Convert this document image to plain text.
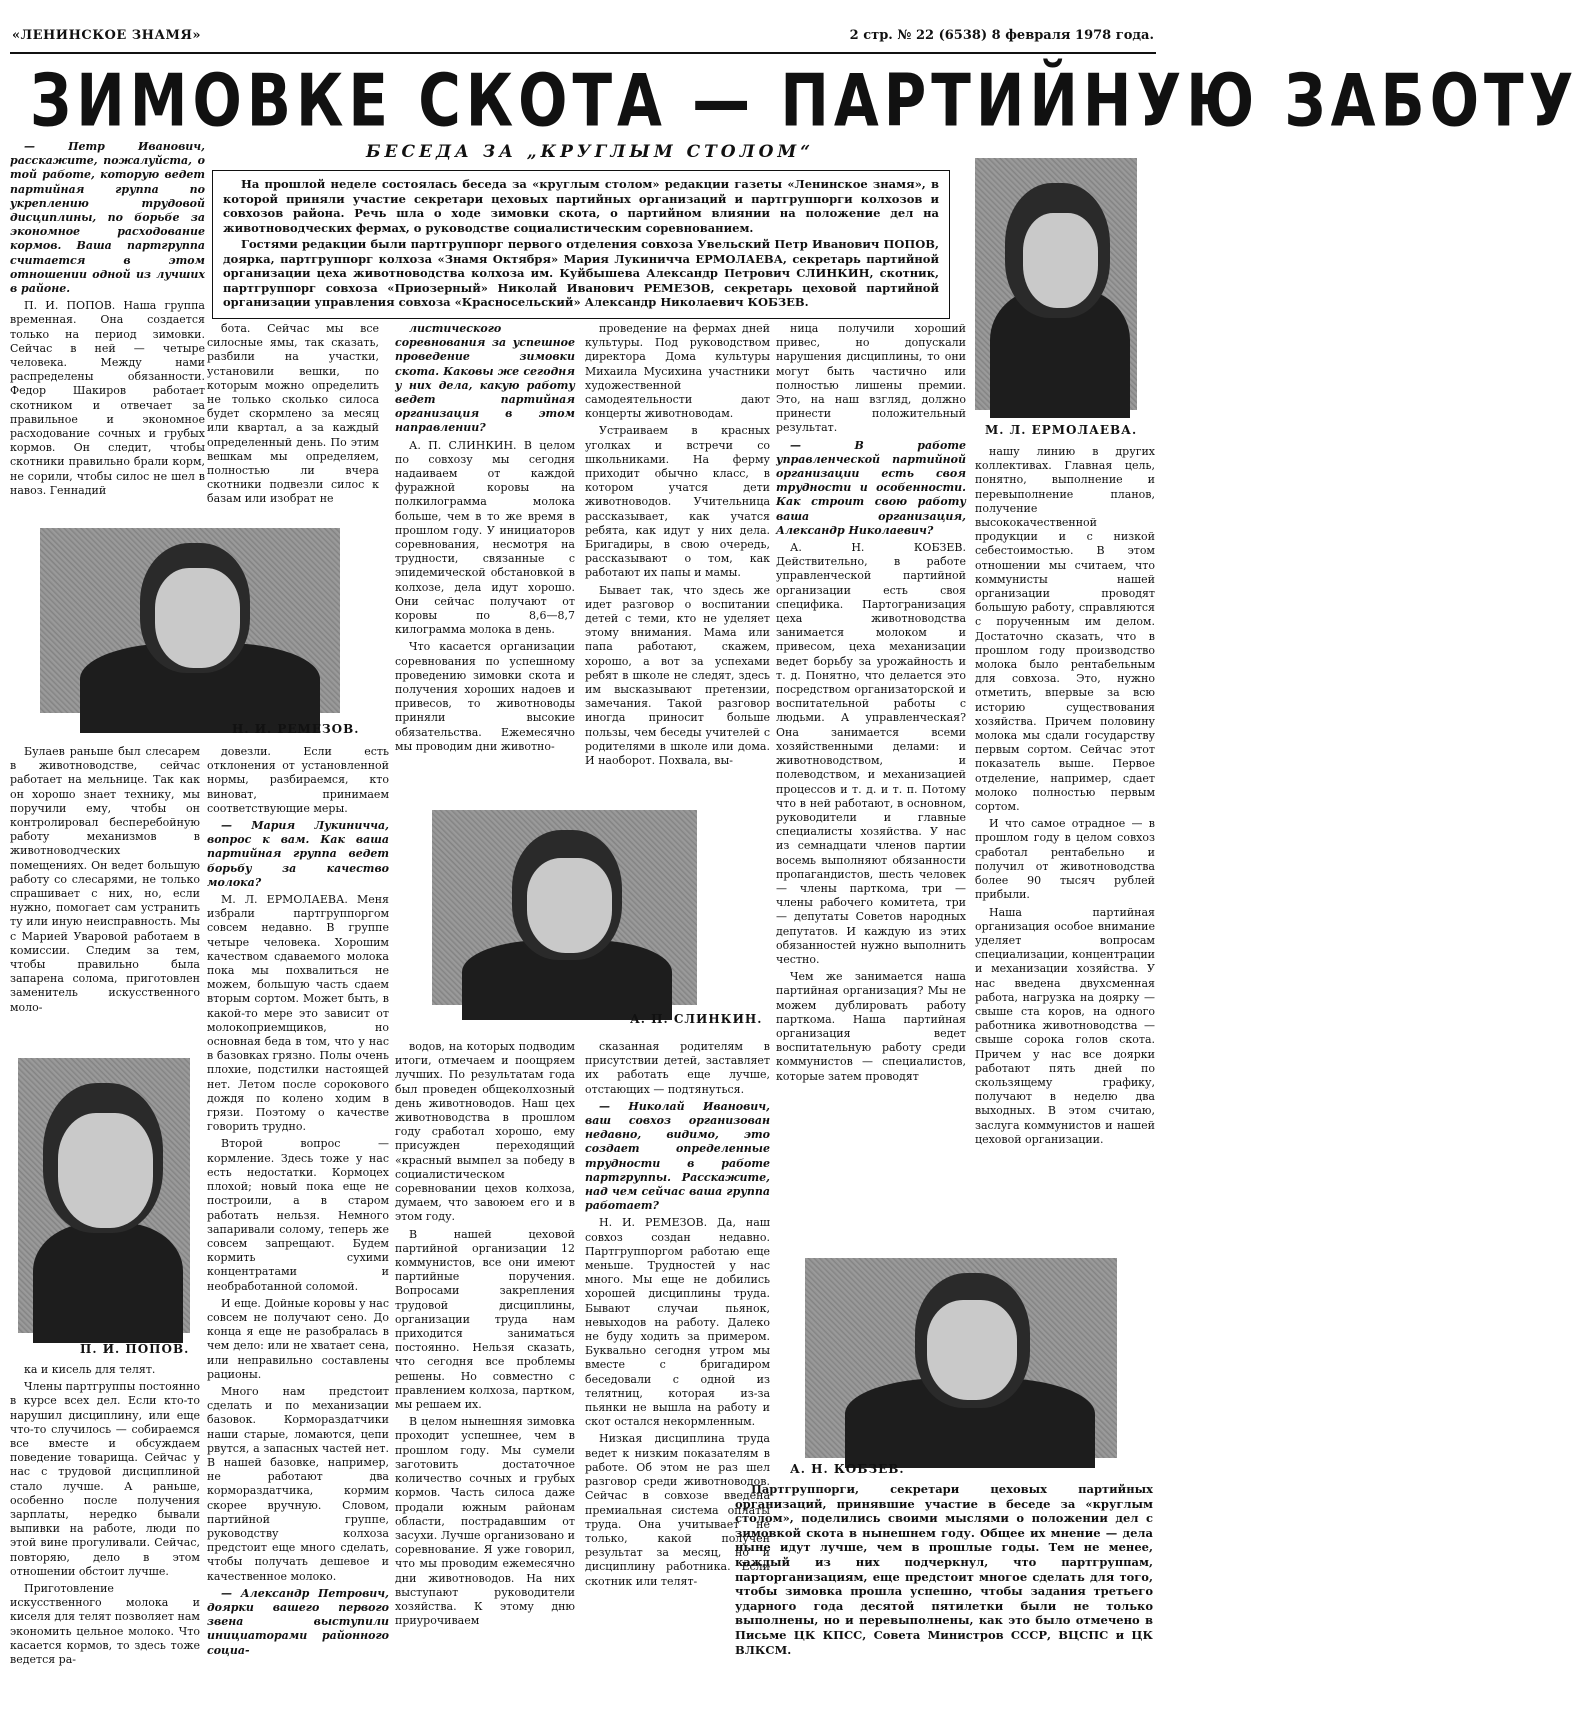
«ЛЕНИНСКОЕ ЗНАМЯ»	2 стр. № 22 (6538) 8 февраля 1978 года.
ЗИМОВКЕ СКОТА — ПАРТИЙНУЮ ЗАБОТУ
БЕСЕДА ЗА „КРУГЛЫМ СТОЛОМ“

На прошлой неделе состоялась беседа за «круглым столом» редакции газеты «Ленинское знамя», в которой приняли участие секретари цеховых партийных организаций и партгруппорги колхозов и совхозов района. Речь шла о ходе зимовки скота, о партийном влиянии на положение дел на животноводческих фермах, о руководстве социалистическим соревнованием.

Гостями редакции были партгруппорг первого отделения совхоза Увельский Петр Иванович ПОПОВ, доярка, партгруппорг колхоза «Знамя Октября» Мария Лукиничча ЕРМОЛАЕВА, секретарь партийной организации цеха животноводства колхоза им. Куйбышева Александр Петрович СЛИНКИН, скотник, партгруппорг совхоза «Приозерный» Николай Иванович РЕМЕЗОВ, секретарь цеховой партийной организации управления совхоза «Красносельский» Александр Николаевич КОБЗЕВ.

— Петр Иванович, расскажите, пожалуйста, о той работе, которую ведет партийная группа по укреплению трудовой дисциплины, по борьбе за экономное расходование кормов. Ваша партгруппа считается в этом отношении одной из лучших в районе.

П. И. ПОПОВ. Наша группа временная. Она создается только на период зимовки. Сейчас в ней — четыре человека. Между нами распределены обязанности. Федор Шакиров работает скотником и отвечает за правильное и экономное расходование сочных и грубых кормов. Он следит, чтобы скотники правильно брали корм, не сорили, чтобы силос не шел в навоз. Геннадий

Н. И. РЕМЕЗОВ.

Булаев раньше был слесарем в животноводстве, сейчас работает на мельнице. Так как он хорошо знает технику, мы поручили ему, чтобы он контролировал бесперебойную работу механизмов в животноводческих помещениях. Он ведет большую работу со слесарями, не только спрашивает с них, но, если нужно, помогает сам устранить ту или иную неисправность. Мы с Марией Уваровой работаем в комиссии. Следим за тем, чтобы правильно была запарена солома, приготовлен заменитель искусственного моло-

П. И. ПОПОВ.

ка и кисель для телят.

Члены партгруппы постоянно в курсе всех дел. Если кто-то нарушил дисциплину, или еще что-то случилось — собираемся все вместе и обсуждаем поведение товарища. Сейчас у нас с трудовой дисциплиной стало лучше. А раньше, особенно после получения зарплаты, нередко бывали выпивки на работе, люди по этой вине прогуливали. Сейчас, повторяю, дело в этом отношении обстоит лучше.

Приготовление искусственного молока и киселя для телят позволяет нам экономить цельное молоко. Что касается кормов, то здесь тоже ведется ра-

бота. Сейчас мы все силосные ямы, так сказать, разбили на участки, установили вешки, по которым можно определить не только сколько силоса будет скормлено за месяц или квартал, а за каждый определенный день. По этим вешкам мы определяем, полностью ли вчера скотники подвезли силос к базам или изобрат не

довезли. Если есть отклонения от установленной нормы, разбираемся, кто виноват, принимаем соответствующие меры.

— Мария Лукиничча, вопрос к вам. Как ваша партийная группа ведет борьбу за качество молока?

М. Л. ЕРМОЛАЕВА. Меня избрали партгруппоргом совсем недавно. В группе четыре человека. Хорошим качеством сдаваемого молока пока мы похвалиться не можем, большую часть сдаем вторым сортом. Может быть, в какой-то мере это зависит от молокоприемщиков, но основная беда в том, что у нас в базовках грязно. Полы очень плохие, подстилки настоящей нет. Летом после сорокового дождя по колено ходим в грязи. Поэтому о качестве говорить трудно.

Второй вопрос — кормление. Здесь тоже у нас есть недостатки. Кормоцех плохой; новый пока еще не построили, а в старом работать нельзя. Немного запаривали солому, теперь же совсем запрещают. Будем кормить сухими концентратами и необработанной соломой.

И еще. Дойные коровы у нас совсем не получают сено. До конца я еще не разобралась в чем дело: или не хватает сена, или неправильно составлены рационы.

Много нам предстоит сделать и по механизации базовок. Кормораздатчики наши старые, ломаются, цепи рвутся, а запасных частей нет. В нашей базовке, например, не работают два кормораздатчика, кормим скорее вручную. Словом, партийной группе, руководству колхоза предстоит еще много сделать, чтобы получать дешевое и качественное молоко.

— Александр Петрович, доярки вашего первого звена выступили инициаторами районного социа-

листического соревнования за успешное проведение зимовки скота. Каковы же сегодня у них дела, какую работу ведет партийная организация в этом направлении?

А. П. СЛИНКИН. В целом по совхозу мы сегодня надаиваем от каждой фуражной коровы на полкилограмма молока больше, чем в то же время в прошлом году. У инициаторов соревнования, несмотря на трудности, связанные с эпидемической обстановкой в колхозе, дела идут хорошо. Они сейчас получают от коровы по 8,6—8,7 килограмма молока в день.

Что касается организации соревнования по успешному проведению зимовки скота и получения хороших надоев и привесов, то животноводы приняли высокие обязательства. Ежемесячно мы проводим дни животно-

проведение на фермах дней культуры. Под руководством директора Дома культуры Михаила Мусихина участники художественной самодеятельности дают концерты животноводам.

Устраиваем в красных уголках и встречи со школьниками. На ферму приходит обычно класс, в котором учатся дети животноводов. Учительница рассказывает, как учатся ребята, как идут у них дела. Бригадиры, в свою очередь, рассказывают о том, как работают их папы и мамы.

Бывает так, что здесь же идет разговор о воспитании детей с теми, кто не уделяет этому внимания. Мама или папа работают, скажем, хорошо, а вот за успехами ребят в школе не следят, здесь им высказывают претензии, замечания. Такой разговор иногда приносит больше пользы, чем беседы учителей с родителями в школе или дома. И наоборот. Похвала, вы-

А. П. СЛИНКИН.

водов, на которых подводим итоги, отмечаем и поощряем лучших. По результатам года был проведен общеколхозный день животноводов. Наш цех животноводства в прошлом году сработал хорошо, ему присужден переходящий «красный вымпел за победу в социалистическом соревновании цехов колхоза, думаем, что завоюем его и в этом году.

В нашей цеховой партийной организации 12 коммунистов, все они имеют партийные поручения. Вопросами закрепления трудовой дисциплины, организации труда нам приходится заниматься постоянно. Нельзя сказать, что сегодня все проблемы решены. Но совместно с правлением колхоза, партком, мы решаем их.

В целом нынешняя зимовка проходит успешнее, чем в прошлом году. Мы сумели заготовить достаточное количество сочных и грубых кормов. Часть силоса даже продали южным районам области, пострадавшим от засухи. Лучше организовано и соревнование. Я уже говорил, что мы проводим ежемесячно дни животноводов. На них выступают руководители хозяйства. К этому дню приурочиваем

сказанная родителям в присутствии детей, заставляет их работать еще лучше, отстающих — подтянуться.

— Николай Иванович, ваш совхоз организован недавно, видимо, это создает определенные трудности в работе партгруппы. Расскажите, над чем сейчас ваша группа работает?

Н. И. РЕМЕЗОВ. Да, наш совхоз создан недавно. Партгруппоргом работаю еще меньше. Трудностей у нас много. Мы еще не добились хорошей дисциплины труда. Бывают случаи пьянок, невыходов на работу. Далеко не буду ходить за примером. Буквально сегодня утром мы вместе с бригадиром беседовали с одной из телятниц, которая из-за пьянки не вышла на работу и скот остался некормленным.

Низкая дисциплина труда ведет к низким показателям в работе. Об этом не раз шел разговор среди животноводов. Сейчас в совхозе введена премиальная система оплаты труда. Она учитывает не только, какой получен результат за месяц, но и дисциплину работника. Если скотник или телят-

М. Л. ЕРМОЛАЕВА.

ница получили хороший привес, но допускали нарушения дисциплины, то они могут быть частично или полностью лишены премии. Это, на наш взгляд, должно принести положительный результат.

— В работе управленческой партийной организации есть своя трудности и особенности. Как строит свою работу ваша организация, Александр Николаевич?

А. Н. КОБЗЕВ. Действительно, в работе управленческой партийной организации есть своя специфика. Партогранизация цеха животноводства занимается молоком и привесом, цеха механизации ведет борьбу за урожайность и т. д. Понятно, что делается это посредством организаторской и воспитательной работы с людьми. А управленческая? Она занимается всеми хозяйственными делами: и животноводством, и полеводством, и механизацией процессов и т. д. и т. п. Потому что в ней работают, в основном, руководители и главные специалисты хозяйства. У нас из семнадцати членов партии восемь выполняют обязанности пропагандистов, шесть человек — члены парткома, три — члены рабочего комитета, три — депутаты Советов народных депутатов. И каждую из этих обязанностей нужно выполнить честно.

Чем же занимается наша партийная организация? Мы не можем дублировать работу парткома. Наша партийная организация ведет воспитательную работу среди коммунистов — специалистов, которые затем проводят

нашу линию в других коллективах. Главная цель, понятно, выполнение и перевыполнение планов, получение высококачественной продукции и с низкой себестоимостью. В этом отношении мы считаем, что коммунисты нашей организации проводят большую работу, справляются с порученным им делом. Достаточно сказать, что в прошлом году производство молока было рентабельным для совхоза. Это, нужно отметить, впервые за всю историю существования хозяйства. Причем половину молока мы сдали государству первым сортом. Сейчас этот показатель выше. Первое отделение, например, сдает молоко полностью первым сортом.

И что самое отрадное — в прошлом году в целом совхоз сработал рентабельно и получил от животноводства более 90 тысяч рублей прибыли.

Наша партийная организация особое внимание уделяет вопросам специализации, концентрации и механизации хозяйства. У нас введена двухсменная работа, нагрузка на доярку — свыше ста коров, на одного работника животноводства — свыше сорока голов скота. Причем у нас все доярки работают пять дней по скользящему графику, получают в неделю два выходных. В этом считаю, заслуга коммунистов и нашей цеховой организации.

А. Н. КОБЗЕВ.

Партгруппорги, секретари цеховых партийных организаций, принявшие участие в беседе за «круглым столом», поделились своими мыслями о положении дел с зимовкой скота в нынешнем году. Общее их мнение — дела ныне идут лучше, чем в прошлые годы. Тем не менее, каждый из них подчеркнул, что партгруппам, парторганизациям, еще предстоит многое сделать для того, чтобы зимовка прошла успешно, чтобы задания третьего ударного года десятой пятилетки были не только выполнены, но и перевыполнены, как это было отмечено в Письме ЦК КПСС, Совета Министров СССР, ВЦСПС и ЦК ВЛКСМ.
